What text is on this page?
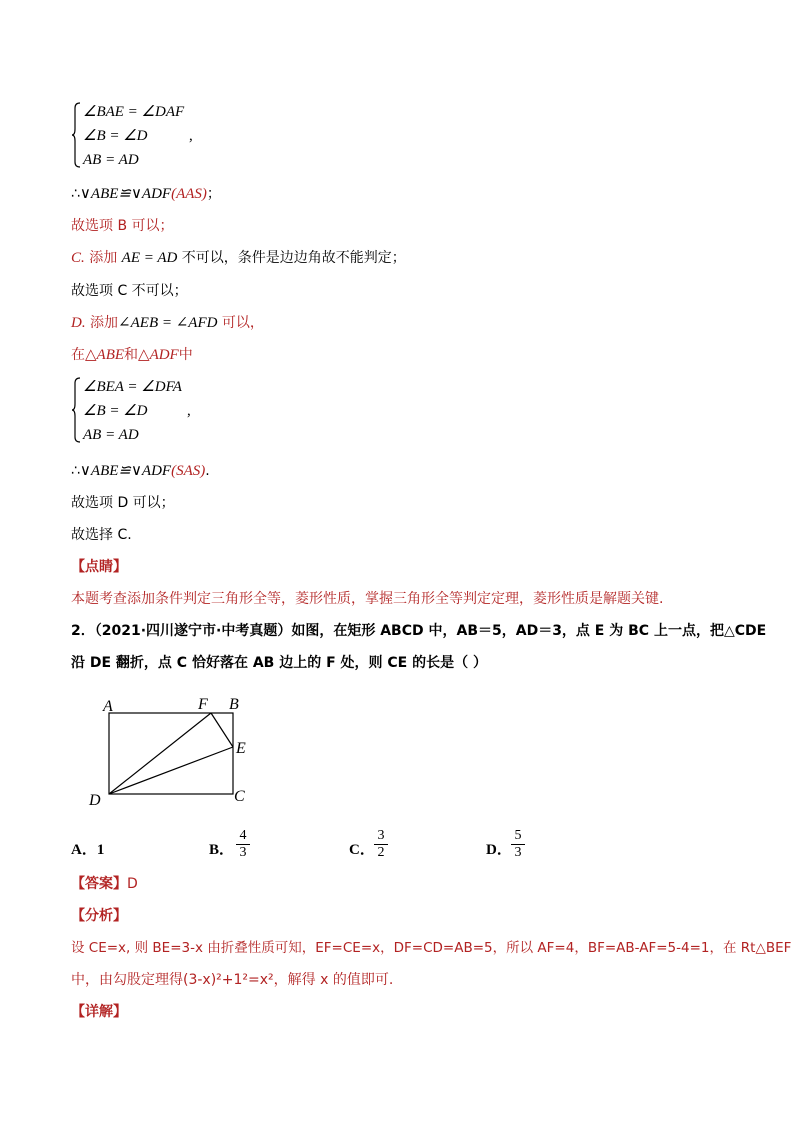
∠BAE = ∠DAF
∠B = ∠D
AB = AD
,
∴∨ABE≌∨ADF(AAS)；
故选项 B 可以；
C. 添加 AE = AD 不可以，条件是边边角故不能判定；
故选项 C 不可以；
D. 添加∠AEB = ∠AFD 可以，
在△ABE和△ADF中
∠BEA = ∠DFA
∠B = ∠D
AB = AD
,
∴∨ABE≌∨ADF(SAS).
故选项 D 可以；
故选择 C.
【点睛】
本题考查添加条件判定三角形全等，菱形性质，掌握三角形全等判定定理，菱形性质是解题关键.
2．（2021·四川遂宁市·中考真题）如图，在矩形 ABCD 中，AB＝5，AD＝3，点 E 为 BC 上一点，把△CDE
沿 DE 翻折，点 C 恰好落在 AB 边上的 F 处，则 CE 的长是（ ）
A	F B
E
D	C
A．1	B．
4
3	C．
3
2	D．
5
3
【答案】D
【分析】
设 CE=x, 则 BE=3-x 由折叠性质可知，EF=CE=x，DF=CD=AB=5，所以 AF=4，BF=AB-AF=5-4=1，在 Rt△BEF
中，由勾股定理得(3-x)²+1²=x²，解得 x 的值即可.
【详解】
